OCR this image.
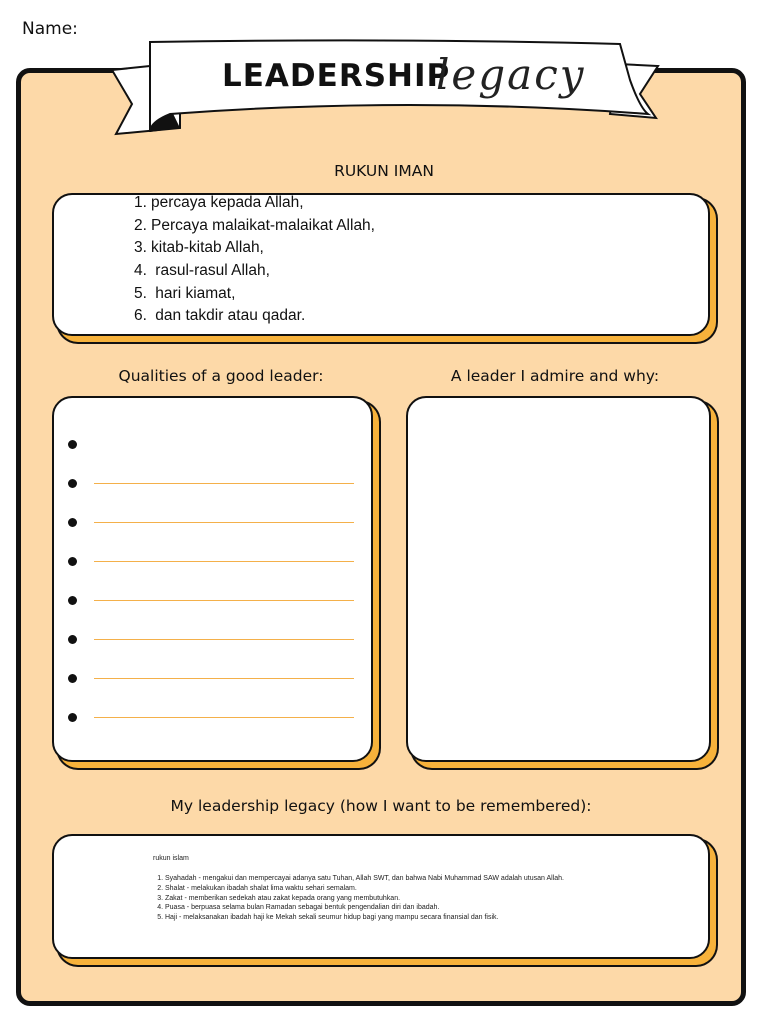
Name:
LEADERSHIP
legacy
RUKUN IMAN
1. percaya kepada Allah,
2. Percaya malaikat-malaikat Allah,
3. kitab-kitab Allah,
4. rasul-rasul Allah,
5. hari kiamat,
6. dan takdir atau qadar.
Qualities of a good leader:	A leader I admire and why:
My leadership legacy (how I want to be remembered):
rukun islam
1. Syahadah - mengakui dan mempercayai adanya satu Tuhan, Allah SWT, dan bahwa Nabi Muhammad SAW adalah utusan Allah.
2. Shalat - melakukan ibadah shalat lima waktu sehari semalam.
3. Zakat - memberikan sedekah atau zakat kepada orang yang membutuhkan.
4. Puasa - berpuasa selama bulan Ramadan sebagai bentuk pengendalian diri dan ibadah.
5. Haji - melaksanakan ibadah haji ke Mekah sekali seumur hidup bagi yang mampu secara finansial dan fisik.
